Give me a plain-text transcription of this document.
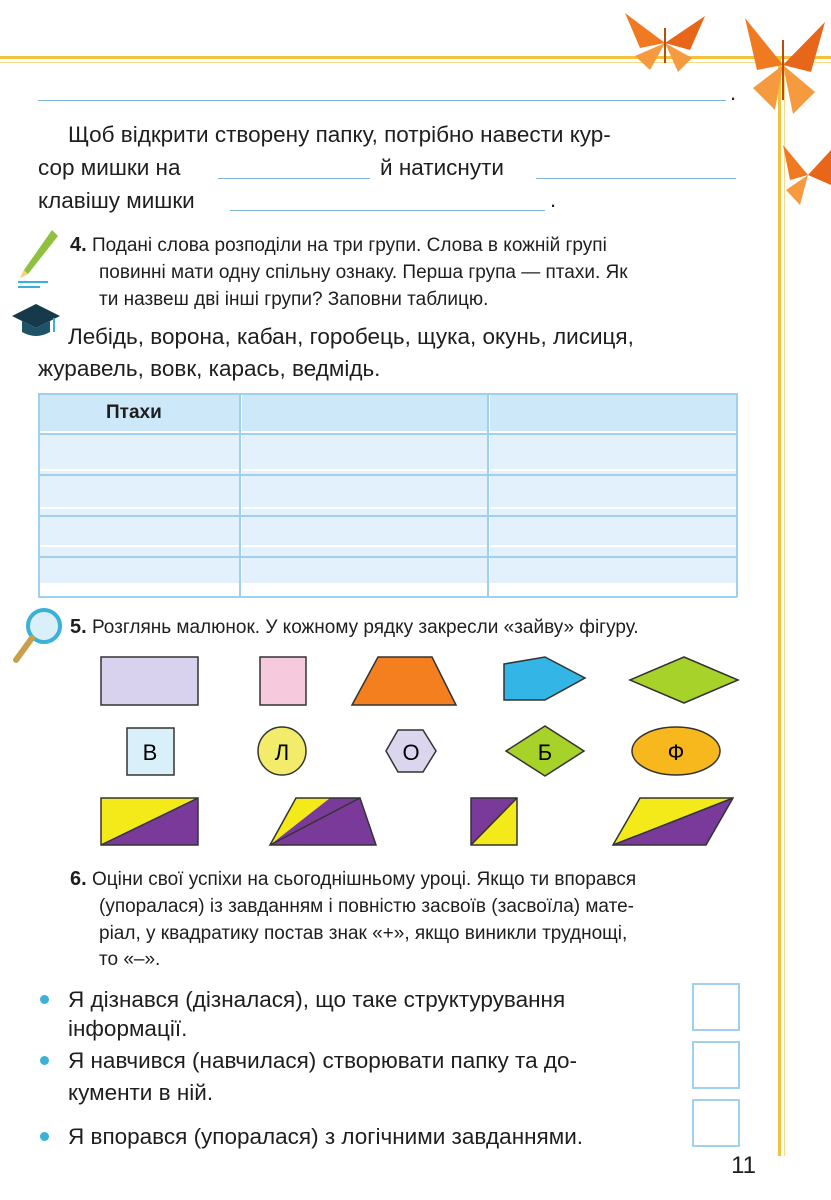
.
Щоб відкрити створену папку, потрібно навести кур-
сор мишки на	й натиснути
клавішу мишки	.
4. Подані слова розподіли на три групи. Слова в кожній групі
повинні мати одну спільну ознаку. Перша група — птахи. Як
ти назвеш дві інші групи? Заповни таблицю.
Лебідь, ворона, кабан, горобець, щука, окунь, лисиця,
журавель, вовк, карась, ведмідь.
Птахи		

5. Розглянь малюнок. У кожному рядку закресли «зайву» фігуру.
В	Л	О	Б	Ф
6. Оціни свої успіхи на сьогоднішньому уроці. Якщо ти впорався
(упоралася) із завданням і повністю засвоїв (засвоїла) мате-
ріал, у квадратику постав знак «+», якщо виникли труднощі,
то «–».
Я дізнався (дізналася), що таке структурування
інформації.
Я навчився (навчилася) створювати папку та до-
кументи в ній.
Я впорався (упоралася) з логічними завданнями.
11
